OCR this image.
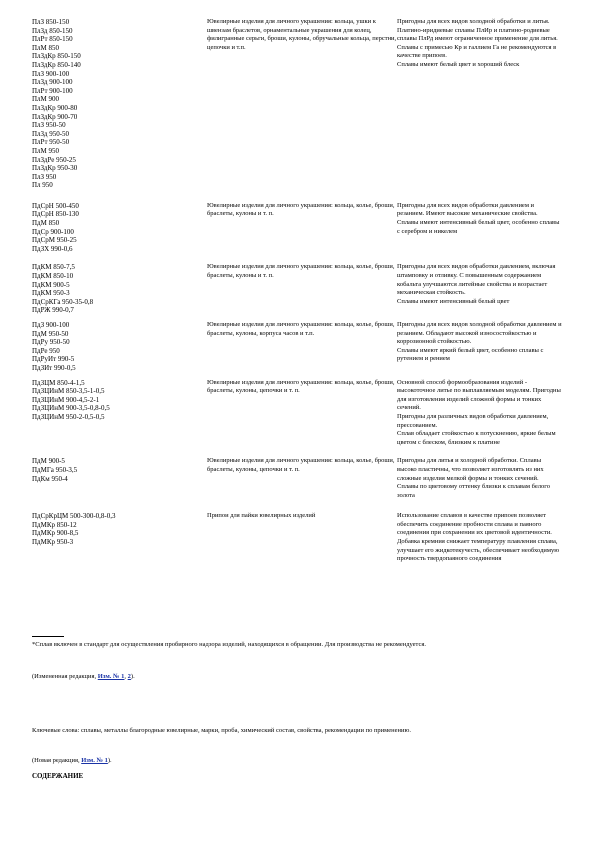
ПлЗ 850-150
ПлЗд 850-150
ПлРт 850-150
ПлМ 850
ПлЗдКр 850-150
ПлЗдКр 850-140
ПлЗ 900-100
ПлЗд 900-100
ПлРт 900-100
ПлМ 900
ПлЗдКр 900-80
ПлЗдКр 900-70
ПлЗ 950-50
ПлЗд 950-50
ПлРт 950-50
ПлМ 950
ПлЗдРе 950-25
ПлЗдКр 950-30
ПлЗ 950
Пл 950
Ювелирные изделия для личного украшения: кольца, ушки к швензам браслетов, орнаментальные украшения для колец, филигранные серьги, броши, кулоны, обручальные кольца, перстни, цепочки и т.п.
Пригодны для всех видов холодной обработки и литья. Платино-иридиевые сплавы ПлИр и платино-родиевые сплавы ПлРд имеют ограниченное применение для литья. Сплавы с примесью Кр и галлием Га не рекомендуются в качестве припоев.
Сплавы имеют белый цвет и хороший блеск
ПдСрН 500-450
ПдСрН 850-130
ПдМ 850
ПдСр 900-100
ПдСрМ 950-25
ПдЗХ 990-0,6
Ювелирные изделия для личного украшения: кольца, колье, броши, браслеты, кулоны и т. п.
Пригодны для всех видов обработки давлением и резанием. Имеют высокие механические свойства.
Сплавы имеют интенсивный белый цвет, особенно сплавы с серебром и никелем
ПдКМ 850-7,5
ПдКМ 850-10
ПдКМ 900-5
ПдКМ 950-3
ПдСрКГа 950-35-0,8
ПдРЖ 990-0,7
Ювелирные изделия для личного украшения: кольца, колье, броши, браслеты, кулоны и т. п.
Пригодны для всех видов обработки давлением, включая штамповку и отливку. С повышенным содержанием кобальта улучшаются литейные свойства и возрастает механическая стойкость.
Сплавы имеют интенсивный белый цвет
ПдЗ 900-100
ПдМ 950-50
ПдРу 950-50
ПдРе 950
ПдРуИт 990-5
ПдЗИт 990-0,5
Ювелирные изделия для личного украшения: кольца, колье, броши, браслеты, кулоны, корпуса часов и т.п.
Пригодны для всех видов холодной обработки давлением и резанием. Обладают высокой износостойкостью и коррозионной стойкостью.
Сплавы имеют яркий белый цвет, особенно сплавы с рутением и рением
ПдЗЦМ 850-4-1,5
ПдЗЦИнМ 850-3,5-1-0,5
ПдЗЦИнМ 900-4,5-2-1
ПдЗЦИнМ 900-3,5-0,8-0,5
ПдЗЦИнМ 950-2-0,5-0,5
Ювелирные изделия для личного украшения: кольца, колье, броши, браслеты, кулоны, цепочки и т. п.
Основной способ формообразования изделий - высокоточное литье по выплавляемым моделям. Пригодны для изготовления изделий сложной формы и тонких сечений.
Пригодны для различных видов обработки давлением, прессованием.
Сплав обладает стойкостью к потускнению, яркие белым цветом с блеском, близким к платине
ПдМ 900-5
ПдМГа 950-3,5
ПдКм 950-4
Ювелирные изделия для личного украшения: кольца, колье, броши, браслеты, кулоны, цепочки и т. п.
Пригодны для литья и холодной обработки. Сплавы высоко пластичны, что позволяет изготовлять из них сложные изделия мелкой формы и тонких сечений.
Сплавы по цветовому оттенку близки к сплавам белого золота
ПдСрКрЦМ 500-300-0,8-0,3
ПдМКр 850-12
ПдМКр 900-8,5
ПдМКр 950-3
Припои для пайки ювелирных изделий	Использование сплавов в качестве припоев позволяет обеспечить соединение пробности сплава и паяного соединения при сохранении их цветовой идентичности.
Добавка кремния снижает температуру плавления сплава, улучшает его жидкотекучесть, обеспечивает необходимую прочность твердопаяного соединения
*Сплав включен в стандарт для осуществления пробирного надзора изделий, находящихся в обращении. Для производства не рекомендуется.
(Измененная редакция, Изм. № 1, 2).
Ключевые слова: сплавы, металлы благородные ювелирные, марки, проба, химический состав, свойства, рекомендации по применению.
(Новая редакция, Изм. № 1).
СОДЕРЖАНИЕ
